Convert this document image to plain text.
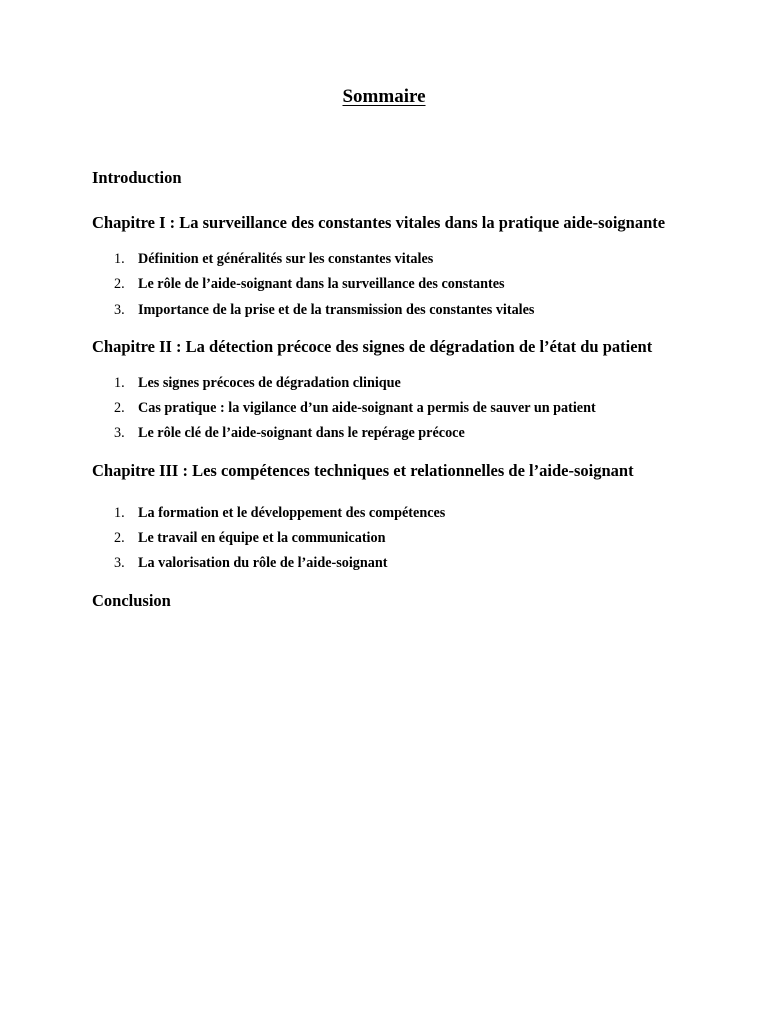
Sommaire

Introduction

Chapitre I : La surveillance des constantes vitales dans la pratique aide-soignante

1. Définition et généralités sur les constantes vitales
2. Le rôle de l’aide-soignant dans la surveillance des constantes
3. Importance de la prise et de la transmission des constantes vitales

Chapitre II : La détection précoce des signes de dégradation de l’état du patient

1. Les signes précoces de dégradation clinique
2. Cas pratique : la vigilance d’un aide-soignant a permis de sauver un patient
3. Le rôle clé de l’aide-soignant dans le repérage précoce

Chapitre III : Les compétences techniques et relationnelles de l’aide-soignant

1. La formation et le développement des compétences
2. Le travail en équipe et la communication
3. La valorisation du rôle de l’aide-soignant

Conclusion
